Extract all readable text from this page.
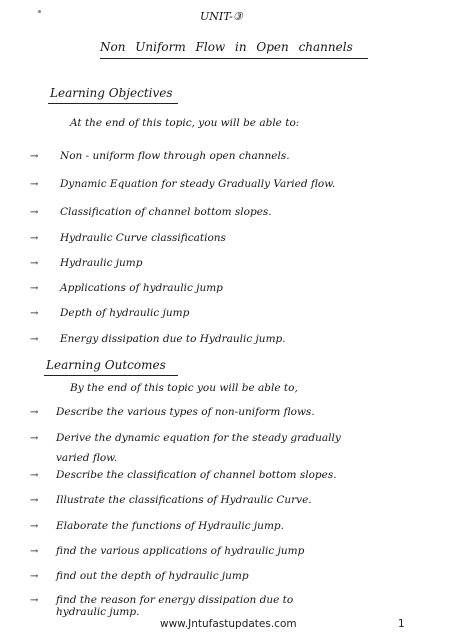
UNIT-③
Non Uniform Flow in Open channels
Learning Objectives
At the end of this topic, you will be able to:
→ Non - uniform flow through open channels.
→ Dynamic Equation for steady Gradually Varied flow.
→ Classification of channel bottom slopes.
→ Hydraulic Curve classifications
→ Hydraulic jump
→ Applications of hydraulic jump
→ Depth of hydraulic jump
→ Energy dissipation due to Hydraulic jump.
Learning Outcomes
By the end of this topic you will be able to,
→ Describe the various types of non-uniform flows.
→ Derive the dynamic equation for the steady gradually
varied flow.
→ Describe the classification of channel bottom slopes.
→ Illustrate the classifications of Hydraulic Curve.
→ Elaborate the functions of Hydraulic jump.
→ find the various applications of hydraulic jump
→ find out the depth of hydraulic jump
→ find the reason for energy dissipation due to
hydraulic jump.
www.Jntufastupdates.com	1
